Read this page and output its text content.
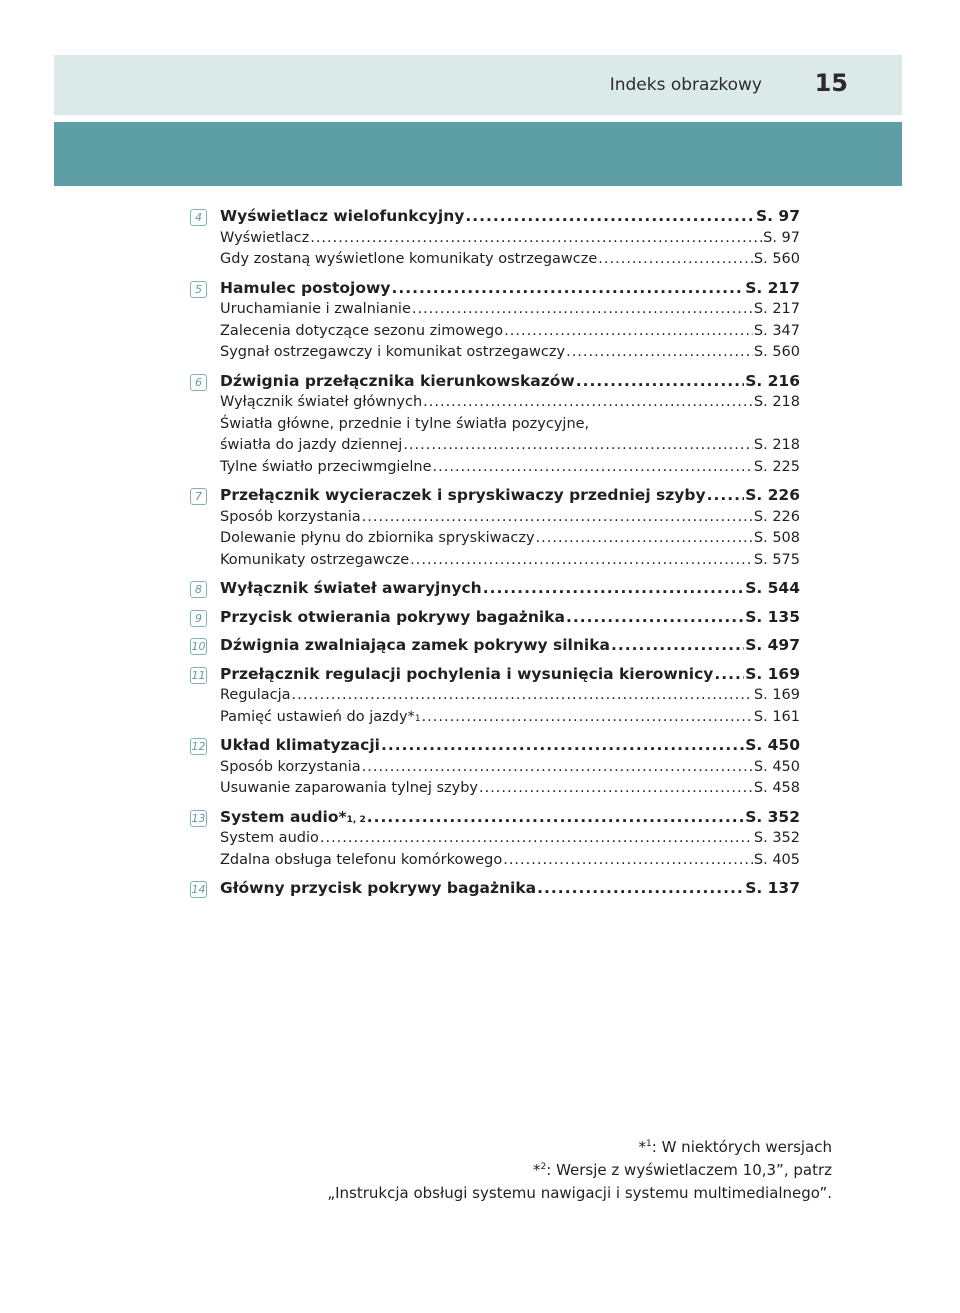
Indeks obrazkowy 15
4	Wyświetlacz wielofunkcyjny .....	S. 97
Wyświetlacz .....	S. 97
Gdy zostaną wyświetlone komunikaty ostrzegawcze .....	S. 560
5	Hamulec postojowy .....	S. 217
Uruchamianie i zwalnianie .....	S. 217
Zalecenia dotyczące sezonu zimowego .....	S. 347
Sygnał ostrzegawczy i komunikat ostrzegawczy .....	S. 560
6	Dźwignia przełącznika kierunkowskazów .....	S. 216
Wyłącznik świateł głównych .....	S. 218
Światła główne, przednie i tylne światła pozycyjne,
światła do jazdy dziennej .....	S. 218
Tylne światło przeciwmgielne .....	S. 225
7	Przełącznik wycieraczek i spryskiwaczy przedniej szyby .....	S. 226
Sposób korzystania .....	S. 226
Dolewanie płynu do zbiornika spryskiwaczy .....	S. 508
Komunikaty ostrzegawcze .....	S. 575
8	Wyłącznik świateł awaryjnych .....	S. 544
9	Przycisk otwierania pokrywy bagażnika .....	S. 135
10 Dźwignia zwalniająca zamek pokrywy silnika .....	S. 497
11 Przełącznik regulacji pochylenia i wysunięcia kierownicy ..... S. 169
Regulacja .....	S. 169
Pamięć ustawień do jazdy* 1 .....	S. 161
12 Układ klimatyzacji .....	S. 450
Sposób korzystania .....	S. 450
Usuwanie zaparowania tylnej szyby .....	S. 458
13 System audio* 1, 2 .....	S. 352
System audio .....	S. 352
Zdalna obsługa telefonu komórkowego .....	S. 405
14 Główny przycisk pokrywy bagażnika .....	S. 137
*$^1$: W niektórych wersjach
*$^2$: Wersje z wyświetlaczem 10,3”, patrz
„Instrukcja obsługi systemu nawigacji i systemu multimedialnego”.
